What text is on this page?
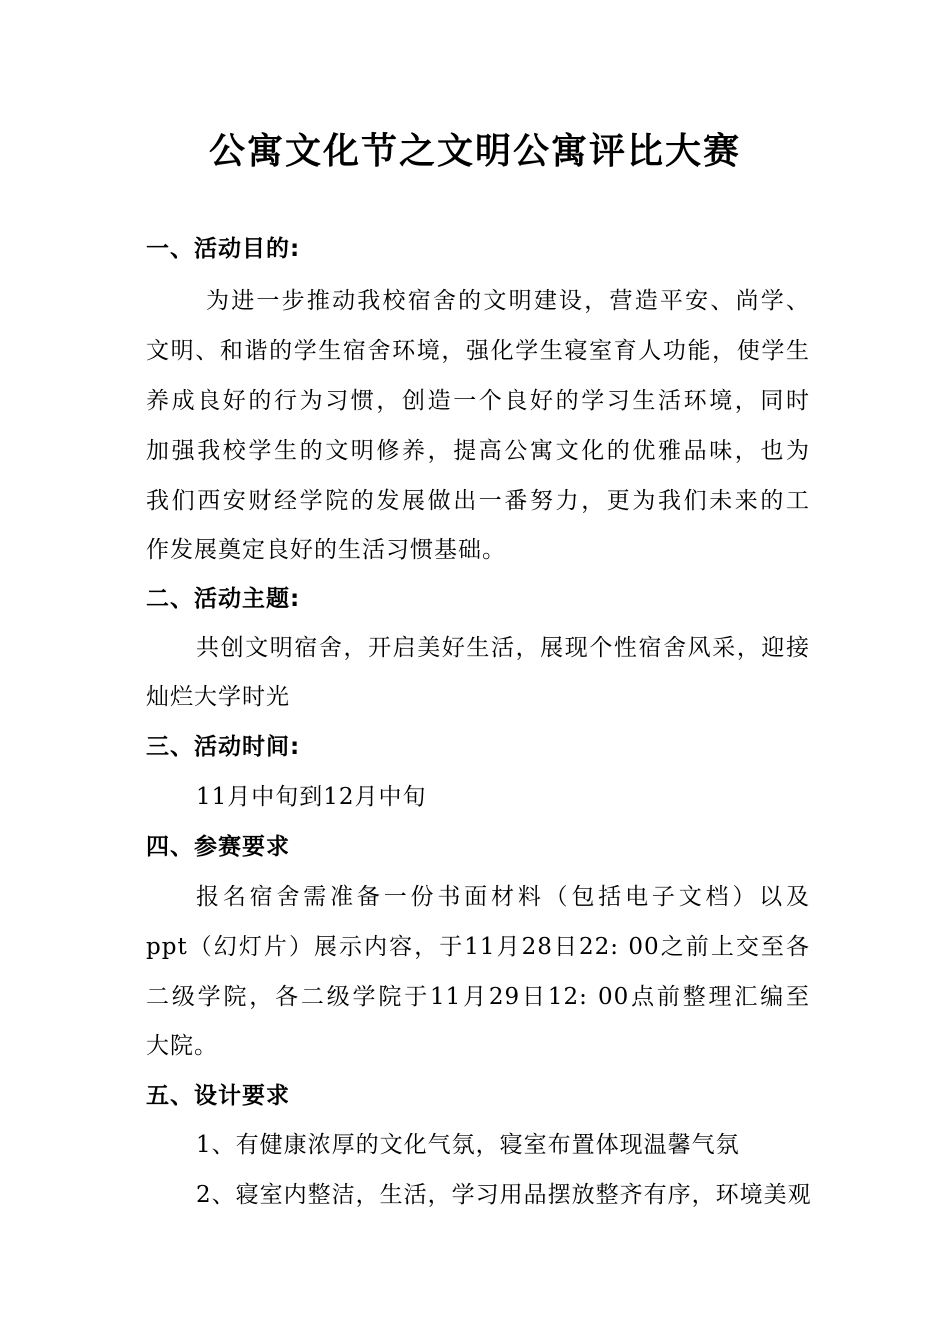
公寓文化节之文明公寓评比大赛
一、活动目的:
为进一步推动我校宿舍的文明建设，营造平安、尚学、
文明、和谐的学生宿舍环境，强化学生寝室育人功能，使学生
养成良好的行为习惯，创造一个良好的学习生活环境，同时
加强我校学生的文明修养，提高公寓文化的优雅品味，也为
我们西安财经学院的发展做出一番努力，更为我们未来的工
作发展奠定良好的生活习惯基础。
二、活动主题:
共创文明宿舍，开启美好生活，展现个性宿舍风采，迎接
灿烂大学时光
三、活动时间:
11月中旬到12月中旬
四、参赛要求
报名宿舍需准备一份书面材料（包括电子文档）以及
ppt（幻灯片）展示内容，于11月28日22: 00之前上交至各
二级学院，各二级学院于11月29日12: 00点前整理汇编至
大院。
五、设计要求
1、有健康浓厚的文化气氛，寝室布置体现温馨气氛
2、寝室内整洁，生活，学习用品摆放整齐有序，环境美观
